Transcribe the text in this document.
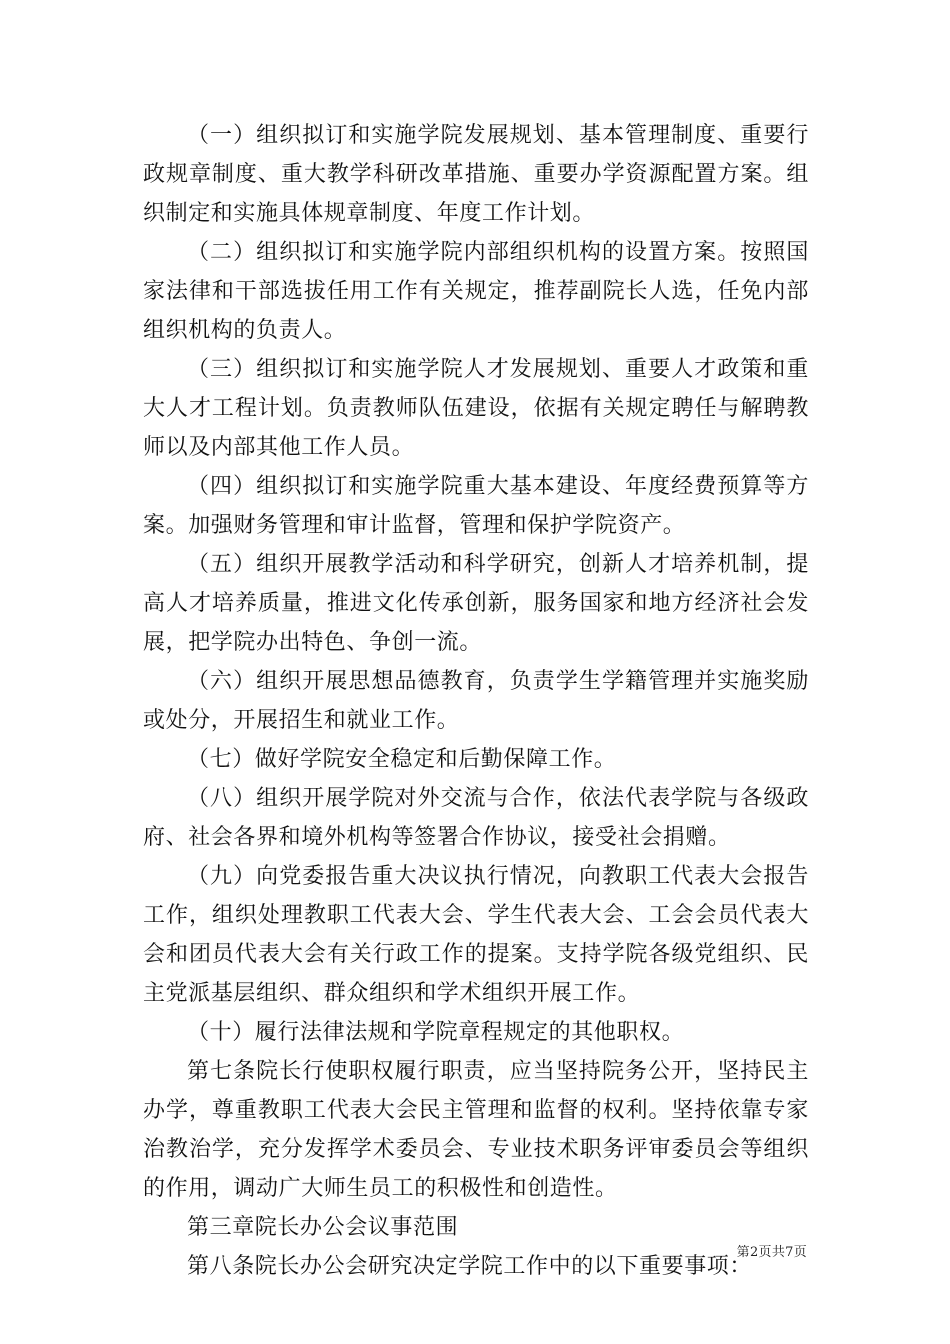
（一）组织拟订和实施学院发展规划、基本管理制度、重要行政规章制度、重大教学科研改革措施、重要办学资源配置方案。组织制定和实施具体规章制度、年度工作计划。

（二）组织拟订和实施学院内部组织机构的设置方案。按照国家法律和干部选拔任用工作有关规定，推荐副院长人选，任免内部组织机构的负责人。

（三）组织拟订和实施学院人才发展规划、重要人才政策和重大人才工程计划。负责教师队伍建设，依据有关规定聘任与解聘教师以及内部其他工作人员。

（四）组织拟订和实施学院重大基本建设、年度经费预算等方案。加强财务管理和审计监督，管理和保护学院资产。

（五）组织开展教学活动和科学研究，创新人才培养机制，提高人才培养质量，推进文化传承创新，服务国家和地方经济社会发展，把学院办出特色、争创一流。

（六）组织开展思想品德教育，负责学生学籍管理并实施奖励或处分，开展招生和就业工作。

（七）做好学院安全稳定和后勤保障工作。

（八）组织开展学院对外交流与合作，依法代表学院与各级政府、社会各界和境外机构等签署合作协议，接受社会捐赠。

（九）向党委报告重大决议执行情况，向教职工代表大会报告工作，组织处理教职工代表大会、学生代表大会、工会会员代表大会和团员代表大会有关行政工作的提案。支持学院各级党组织、民主党派基层组织、群众组织和学术组织开展工作。

（十）履行法律法规和学院章程规定的其他职权。

第七条院长行使职权履行职责，应当坚持院务公开，坚持民主办学，尊重教职工代表大会民主管理和监督的权利。坚持依靠专家治教治学，充分发挥学术委员会、专业技术职务评审委员会等组织的作用，调动广大师生员工的积极性和创造性。

第三章院长办公会议事范围

第八条院长办公会研究决定学院工作中的以下重要事项：

第2页共7页
